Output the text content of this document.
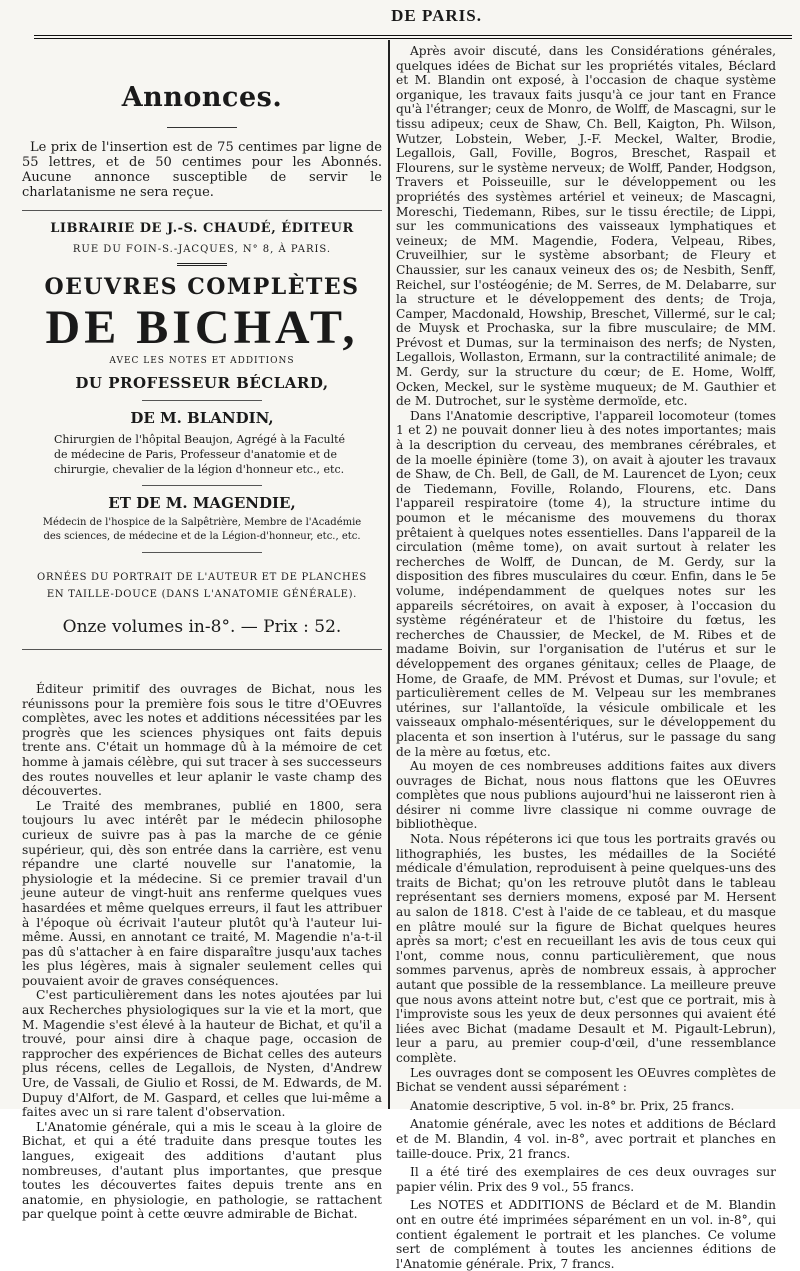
DE PARIS.
Annonces.

Le prix de l'insertion est de 75 centimes par ligne de 55 lettres, et de 50 centimes pour les Abonnés. Aucune annonce susceptible de servir le charlatanisme ne sera reçue.

LIBRAIRIE DE J.-S. CHAUDÉ, ÉDITEUR
RUE DU FOIN-S.-JACQUES, N° 8, À PARIS.
OEUVRES COMPLÈTES
DE BICHAT,
AVEC LES NOTES ET ADDITIONS
DU PROFESSEUR BÉCLARD,
DE M. BLANDIN,

Chirurgien de l'hôpital Beaujon, Agrégé à la Faculté de médecine de Paris, Professeur d'anatomie et de chirurgie, chevalier de la légion d'honneur etc., etc.

ET DE M. MAGENDIE,

Médecin de l'hospice de la Salpêtrière, Membre de l'Académie des sciences, de médecine et de la Légion-d'honneur, etc., etc.

ORNÉES DU PORTRAIT DE L'AUTEUR ET DE PLANCHES
EN TAILLE-DOUCE (DANS L'ANATOMIE GÉNÉRALE).
Onze volumes in-8°. — Prix : 52.

Éditeur primitif des ouvrages de Bichat, nous les réunissons pour la première fois sous le titre d'OEuvres complètes, avec les notes et additions nécessitées par les progrès que les sciences physiques ont faits depuis trente ans. C'était un hommage dû à la mémoire de cet homme à jamais célèbre, qui sut tracer à ses successeurs des routes nouvelles et leur aplanir le vaste champ des découvertes.

Le Traité des membranes, publié en 1800, sera toujours lu avec intérêt par le médecin philosophe curieux de suivre pas à pas la marche de ce génie supérieur, qui, dès son entrée dans la carrière, est venu répandre une clarté nouvelle sur l'anatomie, la physiologie et la médecine. Si ce premier travail d'un jeune auteur de vingt-huit ans renferme quelques vues hasardées et même quelques erreurs, il faut les attribuer à l'époque où écrivait l'auteur plutôt qu'à l'auteur lui-même. Aussi, en annotant ce traité, M. Magendie n'a-t-il pas dû s'attacher à en faire disparaître jusqu'aux taches les plus légères, mais à signaler seulement celles qui pouvaient avoir de graves conséquences.

C'est particulièrement dans les notes ajoutées par lui aux Recherches physiologiques sur la vie et la mort, que M. Magendie s'est élevé à la hauteur de Bichat, et qu'il a trouvé, pour ainsi dire à chaque page, occasion de rapprocher des expériences de Bichat celles des auteurs plus récens, celles de Legallois, de Nysten, d'Andrew Ure, de Vassali, de Giulio et Rossi, de M. Edwards, de M. Dupuy d'Alfort, de M. Gaspard, et celles que lui-même a faites avec un si rare talent d'observation.

L'Anatomie générale, qui a mis le sceau à la gloire de Bichat, et qui a été traduite dans presque toutes les langues, exigeait des additions d'autant plus nombreuses, d'autant plus importantes, que presque toutes les découvertes faites depuis trente ans en anatomie, en physiologie, en pathologie, se rattachent par quelque point à cette œuvre admirable de Bichat.

Après avoir discuté, dans les Considérations générales, quelques idées de Bichat sur les propriétés vitales, Béclard et M. Blandin ont exposé, à l'occasion de chaque système organique, les travaux faits jusqu'à ce jour tant en France qu'à l'étranger; ceux de Monro, de Wolff, de Mascagni, sur le tissu adipeux; ceux de Shaw, Ch. Bell, Kaigton, Ph. Wilson, Wutzer, Lobstein, Weber, J.-F. Meckel, Walter, Brodie, Legallois, Gall, Foville, Bogros, Breschet, Raspail et Flourens, sur le système nerveux; de Wolff, Pander, Hodgson, Travers et Poisseuille, sur le développement ou les propriétés des systèmes artériel et veineux; de Mascagni, Moreschi, Tiedemann, Ribes, sur le tissu érectile; de Lippi, sur les communications des vaisseaux lymphatiques et veineux; de MM. Magendie, Fodera, Velpeau, Ribes, Cruveilhier, sur le système absorbant; de Fleury et Chaussier, sur les canaux veineux des os; de Nesbith, Senff, Reichel, sur l'ostéogénie; de M. Serres, de M. Delabarre, sur la structure et le développement des dents; de Troja, Camper, Macdonald, Howship, Breschet, Villermé, sur le cal; de Muysk et Prochaska, sur la fibre musculaire; de MM. Prévost et Dumas, sur la terminaison des nerfs; de Nysten, Legallois, Wollaston, Ermann, sur la contractilité animale; de M. Gerdy, sur la structure du cœur; de E. Home, Wolff, Ocken, Meckel, sur le système muqueux; de M. Gauthier et de M. Dutrochet, sur le système dermoïde, etc.

Dans l'Anatomie descriptive, l'appareil locomoteur (tomes 1 et 2) ne pouvait donner lieu à des notes importantes; mais à la description du cerveau, des membranes cérébrales, et de la moelle épinière (tome 3), on avait à ajouter les travaux de Shaw, de Ch. Bell, de Gall, de M. Laurencet de Lyon; ceux de Tiedemann, Foville, Rolando, Flourens, etc. Dans l'appareil respiratoire (tome 4), la structure intime du poumon et le mécanisme des mouvemens du thorax prêtaient à quelques notes essentielles. Dans l'appareil de la circulation (même tome), on avait surtout à relater les recherches de Wolff, de Duncan, de M. Gerdy, sur la disposition des fibres musculaires du cœur. Enfin, dans le 5e volume, indépendamment de quelques notes sur les appareils sécrétoires, on avait à exposer, à l'occasion du système régénérateur et de l'histoire du fœtus, les recherches de Chaussier, de Meckel, de M. Ribes et de madame Boivin, sur l'organisation de l'utérus et sur le développement des organes génitaux; celles de Plaage, de Home, de Graafe, de MM. Prévost et Dumas, sur l'ovule; et particulièrement celles de M. Velpeau sur les membranes utérines, sur l'allantoïde, la vésicule ombilicale et les vaisseaux omphalo-mésentériques, sur le développement du placenta et son insertion à l'utérus, sur le passage du sang de la mère au fœtus, etc.

Au moyen de ces nombreuses additions faites aux divers ouvrages de Bichat, nous nous flattons que les OEuvres complètes que nous publions aujourd'hui ne laisseront rien à désirer ni comme livre classique ni comme ouvrage de bibliothèque.

Nota. Nous répéterons ici que tous les portraits gravés ou lithographiés, les bustes, les médailles de la Société médicale d'émulation, reproduisent à peine quelques-uns des traits de Bichat; qu'on les retrouve plutôt dans le tableau représentant ses derniers momens, exposé par M. Hersent au salon de 1818. C'est à l'aide de ce tableau, et du masque en plâtre moulé sur la figure de Bichat quelques heures après sa mort; c'est en recueillant les avis de tous ceux qui l'ont, comme nous, connu particulièrement, que nous sommes parvenus, après de nombreux essais, à approcher autant que possible de la ressemblance. La meilleure preuve que nous avons atteint notre but, c'est que ce portrait, mis à l'improviste sous les yeux de deux personnes qui avaient été liées avec Bichat (madame Desault et M. Pigault-Lebrun), leur a paru, au premier coup-d'œil, d'une ressemblance complète.

Les ouvrages dont se composent les OEuvres complètes de Bichat se vendent aussi séparément :

Anatomie descriptive, 5 vol. in-8° br. Prix, 25 francs.

Anatomie générale, avec les notes et additions de Béclard et de M. Blandin, 4 vol. in-8°, avec portrait et planches en taille-douce. Prix, 21 francs.

Il a été tiré des exemplaires de ces deux ouvrages sur papier vélin. Prix des 9 vol., 55 francs.

Les NOTES et ADDITIONS de Béclard et de M. Blandin ont en outre été imprimées séparément en un vol. in-8°, qui contient également le portrait et les planches. Ce volume sert de complément à toutes les anciennes éditions de l'Anatomie générale. Prix, 7 francs.
